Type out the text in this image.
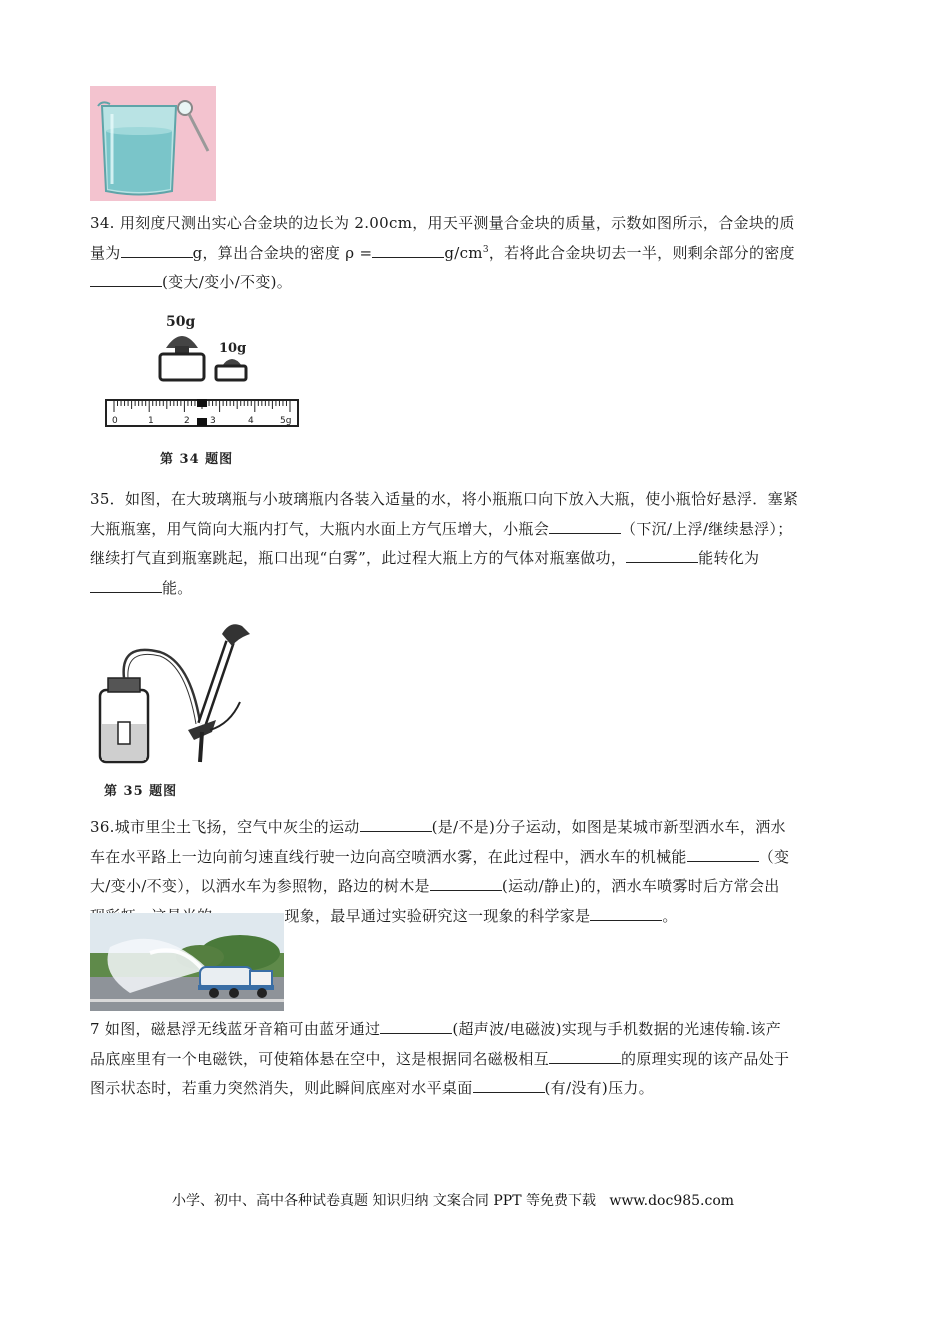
34. 用刻度尺测出实心合金块的边长为 2.00cm，用天平测量合金块的质量，示数如图所示，合金块的质
量为	g，算出合金块的密度 ρ =	$g/cm^3$，若将此合金块切去一半，则剩余部分的密度
(变大/变小/不变)。
50g
10g
0	1	2 3	4	5g
第 34 题图
35．如图，在大玻璃瓶与小玻璃瓶内各装入适量的水，将小瓶瓶口向下放入大瓶，使小瓶恰好悬浮．塞紧
大瓶瓶塞，用气筒向大瓶内打气，大瓶内水面上方气压增大，小瓶会	（下沉/上浮/继续悬浮）；
继续打气直到瓶塞跳起，瓶口出现“白雾”，此过程大瓶上方的气体对瓶塞做功，	能转化为
能。
第 35 题图
36.城市里尘土飞扬，空气中灰尘的运动	(是/不是)分子运动，如图是某城市新型洒水车，洒水
车在水平路上一边向前匀速直线行驶一边向高空喷洒水雾，在此过程中，洒水车的机械能	（变
大/变小/不变），以洒水车为参照物，路边的树木是	(运动/静止)的，洒水车喷雾时后方常会出
现象，最早通过实验研究这一现象的科学家是	。
7 如图，磁悬浮无线蓝牙音箱可由蓝牙通过	(超声波/电磁波)实现与手机数据的光速传输.该产
品底座里有一个电磁铁，可使箱体悬在空中，这是根据同名磁极相互	的原理实现的该产品处于
图示状态时，若重力突然消失，则此瞬间底座对水平桌面	(有/没有)压力。
小学、初中、高中各种试卷真题 知识归纳 文案合同 PPT 等免费下载 www.doc985.com
